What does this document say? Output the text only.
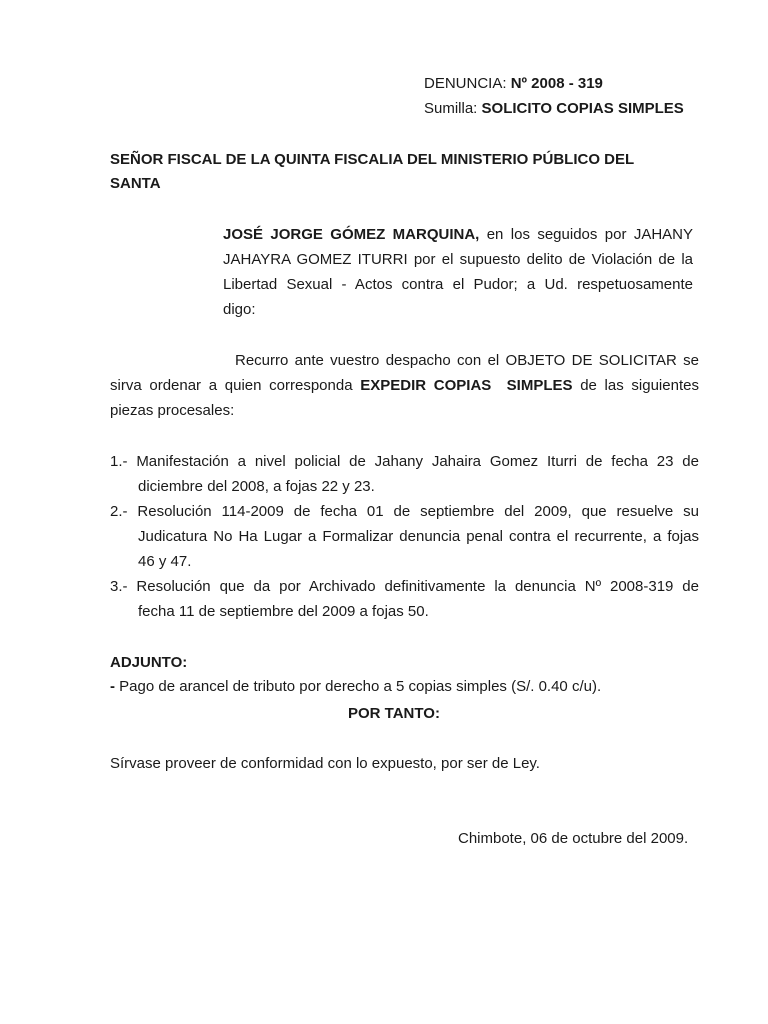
DENUNCIA: Nº 2008 - 319
Sumilla: SOLICITO COPIAS SIMPLES
SEÑOR FISCAL DE LA QUINTA FISCALIA DEL MINISTERIO PÚBLICO DEL
SANTA
JOSÉ JORGE GÓMEZ MARQUINA, en los seguidos por JAHANY
JAHAYRA GOMEZ ITURRI por el supuesto delito de Violación de la
Libertad Sexual - Actos contra el Pudor; a Ud. respetuosamente
digo:
Recurro ante vuestro despacho con el OBJETO DE SOLICITAR se
sirva ordenar a quien corresponda EXPEDIR COPIAS  SIMPLES de las siguientes
piezas procesales:
1.- Manifestación a nivel policial de Jahany Jahaira Gomez Iturri de fecha 23 de
diciembre del 2008, a fojas 22 y 23.
2.- Resolución 114-2009 de fecha 01 de septiembre del 2009, que resuelve su
Judicatura No Ha Lugar a Formalizar denuncia penal contra el recurrente, a fojas
46 y 47.
3.- Resolución que da por Archivado definitivamente la denuncia Nº 2008-319 de
fecha 11 de septiembre del 2009 a fojas 50.
ADJUNTO:
- Pago de arancel de tributo por derecho a 5 copias simples (S/. 0.40 c/u).
POR TANTO:
Sírvase proveer de conformidad con lo expuesto, por ser de Ley.
Chimbote, 06 de octubre del 2009.
